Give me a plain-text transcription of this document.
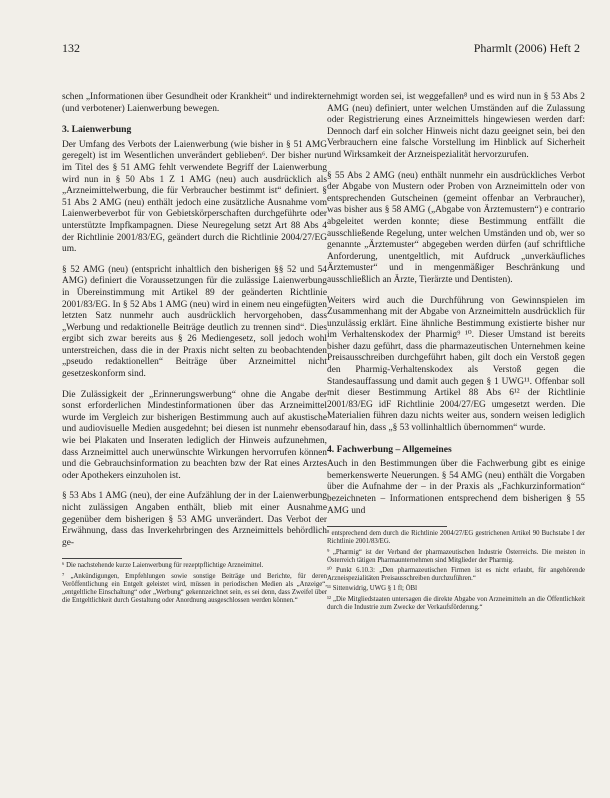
132	Pharmlt (2006) Heft 2

schen „Informationen über Gesundheit oder Krankheit“ und indirekter (und verbotener) Laienwerbung bewegen.

3. Laienwerbung

Der Umfang des Verbots der Laienwerbung (wie bisher in § 51 AMG geregelt) ist im Wesentlichen unverändert geblieben⁶. Der bisher nur im Titel des § 51 AMG fehlt verwendete Begriff der Laienwerbung wird nun in § 50 Abs 1 Z 1 AMG (neu) auch ausdrücklich als „Arzneimittelwerbung, die für Verbraucher bestimmt ist“ definiert. § 51 Abs 2 AMG (neu) enthält jedoch eine zusätzliche Ausnahme vom Laienwerbeverbot für von Gebietskörperschaften durchgeführte oder unterstützte Impfkampagnen. Diese Neuregelung setzt Art 88 Abs 4 der Richtlinie 2001/83/EG, geändert durch die Richtlinie 2004/27/EG um.

§ 52 AMG (neu) (entspricht inhaltlich den bisherigen §§ 52 und 54 AMG) definiert die Voraussetzungen für die zulässige Laienwerbung in Übereinstimmung mit Artikel 89 der geänderten Richtlinie 2001/83/EG. In § 52 Abs 1 AMG (neu) wird in einem neu eingefügten letzten Satz nunmehr auch ausdrücklich hervorgehoben, dass „Werbung und redaktionelle Beiträge deutlich zu trennen sind“. Dies ergibt sich zwar bereits aus § 26 Mediengesetz, soll jedoch wohl unterstreichen, dass die in der Praxis nicht selten zu beobachtenden „pseudo redaktionellen“ Beiträge über Arzneimittel nicht gesetzeskonform sind.

Die Zulässigkeit der „Erinnerungswerbung“ ohne die Angabe der sonst erforderlichen Mindestinformationen über das Arzneimittel wurde im Vergleich zur bisherigen Bestimmung auch auf akustische und audiovisuelle Medien ausgedehnt; bei diesen ist nunmehr ebenso wie bei Plakaten und Inseraten lediglich der Hinweis aufzunehmen, dass Arzneimittel auch unerwünschte Wirkungen hervorrufen können und die Gebrauchsinformation zu beachten bzw der Rat eines Arztes oder Apothekers einzuholen ist.

§ 53 Abs 1 AMG (neu), der eine Aufzählung der in der Laienwerbung nicht zulässigen Angaben enthält, blieb mit einer Ausnahme gegenüber dem bisherigen § 53 AMG unverändert. Das Verbot der Erwähnung, dass das Inverkehrbringen des Arzneimittels behördlich ge-

⁶ Die nachstehende kurze Laienwerbung für rezeptpflichtige Arzneimittel.
⁷ „Ankündigungen, Empfehlungen sowie sonstige Beiträge und Berichte, für deren Veröffentlichung ein Entgelt geleistet wird, müssen in periodischen Medien als „Anzeige“, „entgeltliche Einschaltung“ oder „Werbung“ gekennzeichnet sein, es sei denn, dass Zweifel über die Entgeltlichkeit durch Gestaltung oder Anordnung ausgeschlossen werden können.“

nehmigt worden sei, ist weggefallen⁸ und es wird nun in § 53 Abs 2 AMG (neu) definiert, unter welchen Umständen auf die Zulassung oder Registrierung eines Arzneimittels hingewiesen werden darf: Dennoch darf ein solcher Hinweis nicht dazu geeignet sein, bei den Verbrauchern eine falsche Vorstellung im Hinblick auf Sicherheit und Wirksamkeit der Arzneispezialität hervorzurufen.

§ 55 Abs 2 AMG (neu) enthält nunmehr ein ausdrückliches Verbot der Abgabe von Mustern oder Proben von Arzneimitteln oder von entsprechenden Gutscheinen (gemeint offenbar an Verbraucher), was bisher aus § 58 AMG („Abgabe von Ärztemustern“) e contrario abgeleitet werden konnte; diese Bestimmung entfällt die ausschließende Regelung, unter welchen Umständen und ob, wer so genannte „Ärztemuster“ abgegeben werden dürfen (auf schriftliche Anforderung, unentgeltlich, mit Aufdruck „unverkäufliches Ärztemuster“ und in mengenmäßiger Beschränkung und ausschließlich an Ärzte, Tierärzte und Dentisten).

Weiters wird auch die Durchführung von Gewinnspielen im Zusammenhang mit der Abgabe von Arzneimitteln ausdrücklich für unzulässig erklärt. Eine ähnliche Bestimmung existierte bisher nur im Verhaltenskodex der Pharmig⁹ ¹⁰. Dieser Umstand ist bereits bisher dazu geführt, dass die pharmazeutischen Unternehmen keine Preisausschreiben durchgeführt haben, gilt doch ein Verstoß gegen den Pharmig-Verhaltenskodex als Verstoß gegen die Standesauffassung und damit auch gegen § 1 UWG¹¹. Offenbar soll mit dieser Bestimmung Artikel 88 Abs 6¹² der Richtlinie 2001/83/EG idF Richtlinie 2004/27/EG umgesetzt werden. Die Materialien führen dazu nichts weiter aus, sondern weisen lediglich darauf hin, dass „§ 53 vollinhaltlich übernommen“ wurde.

4. Fachwerbung – Allgemeines

Auch in den Bestimmungen über die Fachwerbung gibt es einige bemerkenswerte Neuerungen. § 54 AMG (neu) enthält die Vorgaben über die Aufnahme der – in der Praxis als „Fachkurzinformation“ bezeichneten – Informationen entsprechend dem bisherigen § 55 AMG und

⁸ entsprechend dem durch die Richtlinie 2004/27/EG gestrichenen Artikel 90 Buchstabe I der Richtlinie 2001/83/EG.
⁹ „Pharmig“ ist der Verband der pharmazeutischen Industrie Österreichs. Die meisten in Österreich tätigen Pharmaunternehmen sind Mitglieder der Pharmig.
¹⁰ Punkt 6.10.3: „Den pharmazeutischen Firmen ist es nicht erlaubt, für angehörende Arzneispezialitäten Preisausschreiben durchzuführen.“
¹¹ Sittenwidrig, UWG § 1 fl; ÖBl
¹² „Die Mitgliedstaaten untersagen die direkte Abgabe von Arzneimitteln an die Öffentlichkeit durch die Industrie zum Zwecke der Verkaufsförderung.“
